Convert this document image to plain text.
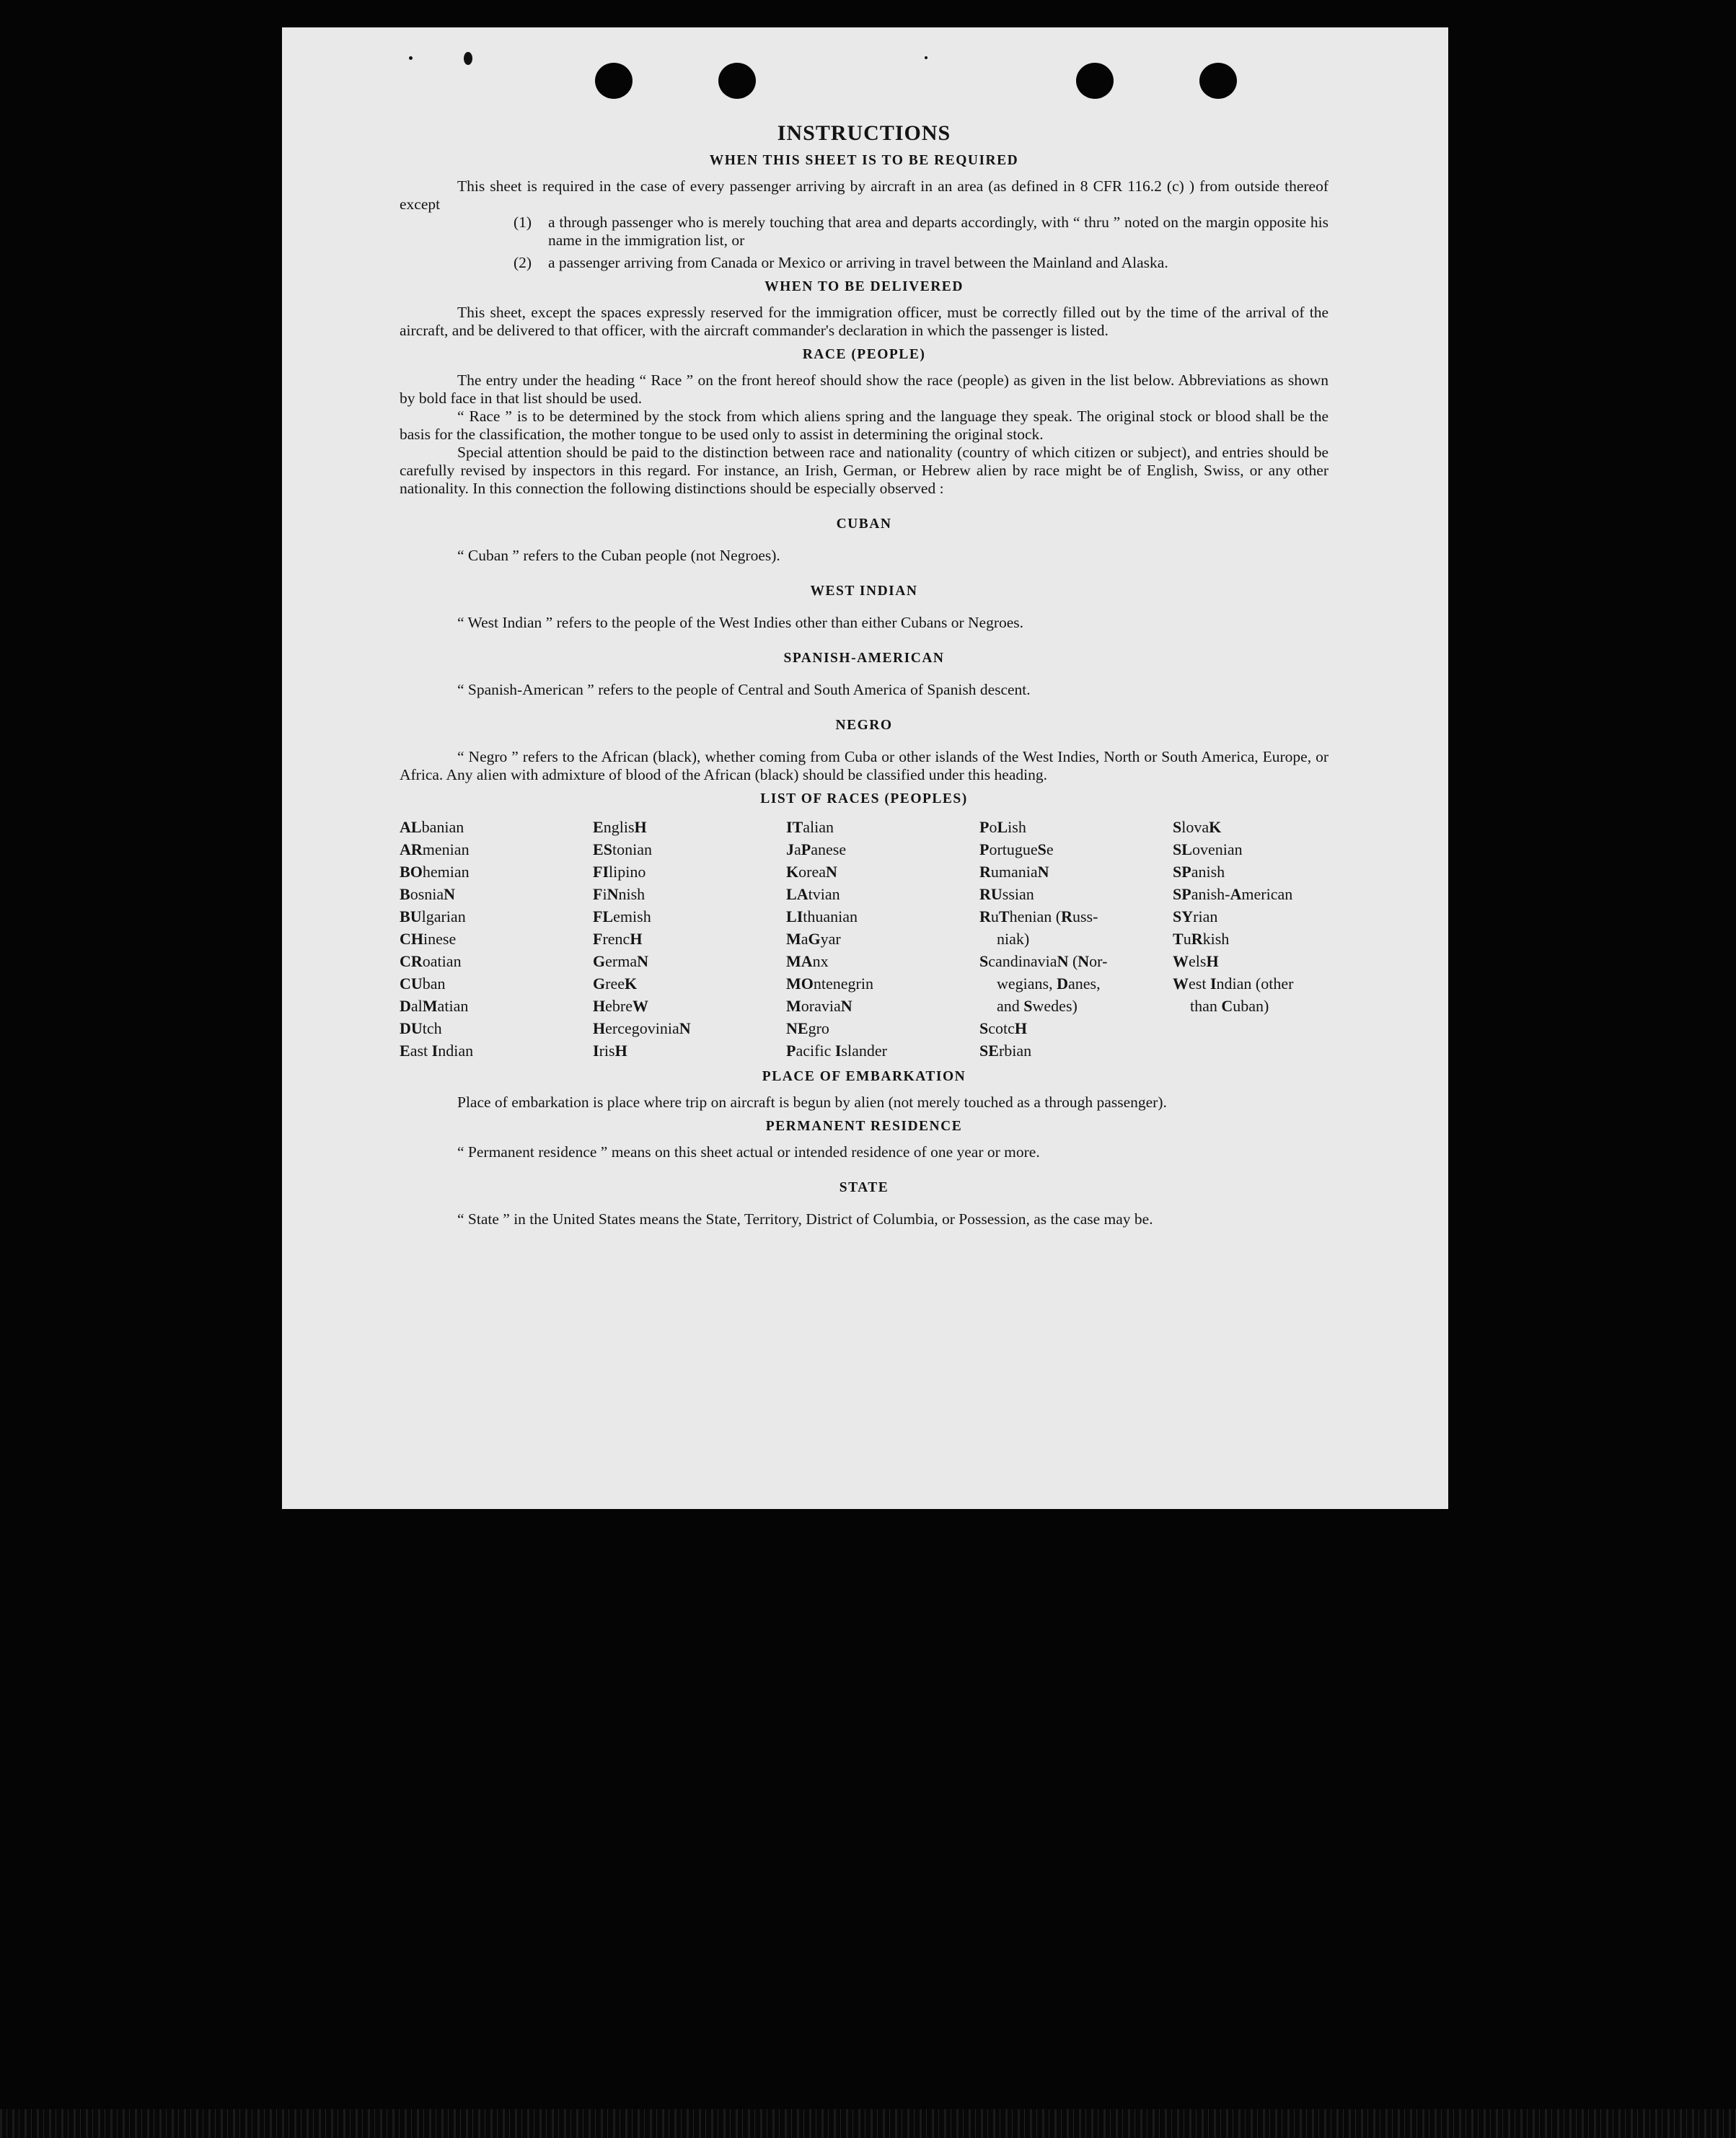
INSTRUCTIONS
WHEN THIS SHEET IS TO BE REQUIRED

This sheet is required in the case of every passenger arriving by aircraft in an area (as defined in 8 CFR 116.2 (c) ) from outside thereof except

(1)	a through passenger who is merely touching that area and departs accordingly, with “ thru ” noted on the margin opposite his name in the immigration list, or
(2)	a passenger arriving from Canada or Mexico or arriving in travel between the Mainland and Alaska.
WHEN TO BE DELIVERED

This sheet, except the spaces expressly reserved for the immigration officer, must be correctly filled out by the time of the arrival of the aircraft, and be delivered to that officer, with the aircraft commander's declaration in which the passenger is listed.

RACE (PEOPLE)

The entry under the heading “ Race ” on the front hereof should show the race (people) as given in the list below. Abbreviations as shown by bold face in that list should be used.

“ Race ” is to be determined by the stock from which aliens spring and the language they speak. The original stock or blood shall be the basis for the classification, the mother tongue to be used only to assist in determining the original stock.

Special attention should be paid to the distinction between race and nationality (country of which citizen or subject), and entries should be carefully revised by inspectors in this regard. For instance, an Irish, German, or Hebrew alien by race might be of English, Swiss, or any other nationality. In this connection the following distinctions should be especially observed :

CUBAN

“ Cuban ” refers to the Cuban people (not Negroes).

WEST INDIAN

“ West Indian ” refers to the people of the West Indies other than either Cubans or Negroes.

SPANISH-AMERICAN

“ Spanish-American ” refers to the people of Central and South America of Spanish descent.

NEGRO

“ Negro ” refers to the African (black), whether coming from Cuba or other islands of the West Indies, North or South America, Europe, or Africa. Any alien with admixture of blood of the African (black) should be classified under this heading.

LIST OF RACES (PEOPLES)
ALbanian
ARmenian
BOhemian
BosniaN
BUlgarian
CHinese
CRoatian
CUban
DalMatian
DUtch
East Indian
EnglisH
EStonian
FIlipino
FiNnish
FLemish
FrencH
GermaN
GreeK
HebreW
HercegovinіaN
IrisH
ITalian
JaPanese
KoreaN
LAtvian
LIthuanian
MaGyar
MAnx
MOntenegrin
MoraviaN
NEgro
Pacific Islander
PoLish
PortugueSe
RumaniaN
RUssian
RuThenian (Russ-
niak)
ScandinaviaN (Nor-
wegians, Danes,
and Swedes)
ScotcH
SErbian
SlovaK
SLovenian
SPanish
SPanish-American
SYrian
TuRkish
WelsH
West Indian (other
than Cuban)
PLACE OF EMBARKATION

Place of embarkation is place where trip on aircraft is begun by alien (not merely touched as a through passenger).

PERMANENT RESIDENCE

“ Permanent residence ” means on this sheet actual or intended residence of one year or more.

STATE

“ State ” in the United States means the State, Territory, District of Columbia, or Possession, as the case may be.
